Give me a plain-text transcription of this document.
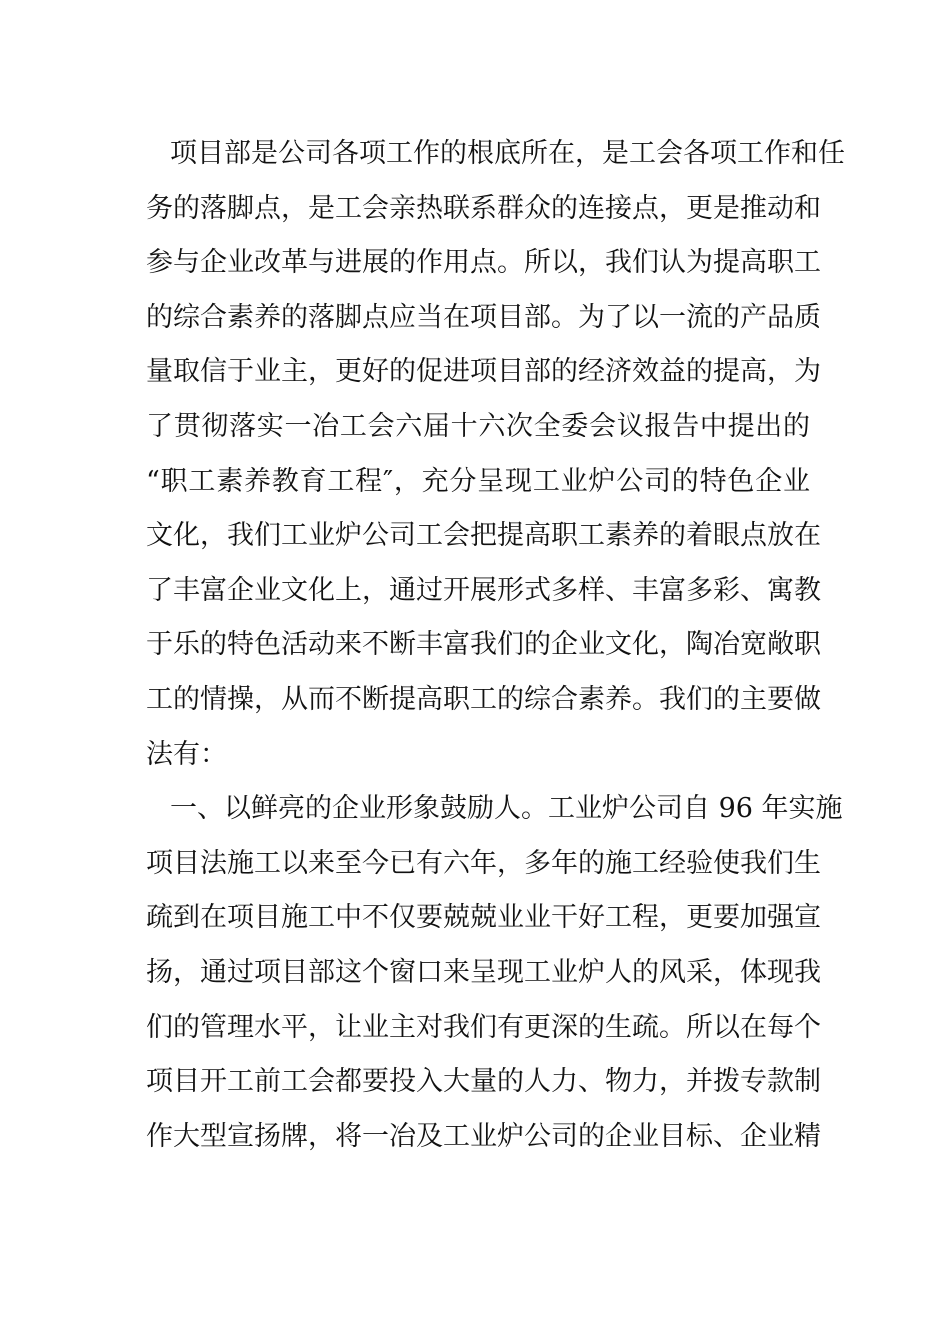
项目部是公司各项工作的根底所在，是工会各项工作和任
务的落脚点，是工会亲热联系群众的连接点，更是推动和
参与企业改革与进展的作用点。所以，我们认为提高职工
的综合素养的落脚点应当在项目部。为了以一流的产品质
量取信于业主，更好的促进项目部的经济效益的提高，为
了贯彻落实一冶工会六届十六次全委会议报告中提出的
“职工素养教育工程″，充分呈现工业炉公司的特色企业
文化，我们工业炉公司工会把提高职工素养的着眼点放在
了丰富企业文化上，通过开展形式多样、丰富多彩、寓教
于乐的特色活动来不断丰富我们的企业文化，陶冶宽敞职
工的情操，从而不断提高职工的综合素养。我们的主要做
法有：
一、以鲜亮的企业形象鼓励人。工业炉公司自 96 年实施
项目法施工以来至今已有六年，多年的施工经验使我们生
疏到在项目施工中不仅要兢兢业业干好工程，更要加强宣
扬，通过项目部这个窗口来呈现工业炉人的风采，体现我
们的管理水平，让业主对我们有更深的生疏。所以在每个
项目开工前工会都要投入大量的人力、物力，并拨专款制
作大型宣扬牌，将一冶及工业炉公司的企业目标、企业精
